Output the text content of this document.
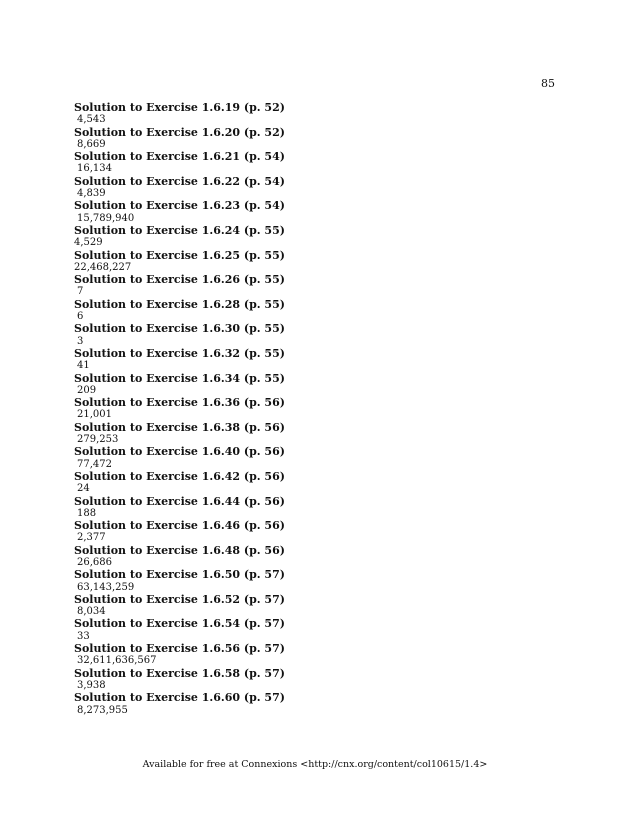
85
Solution to Exercise 1.6.19 (p. 52)
4,543
Solution to Exercise 1.6.20 (p. 52)
8,669
Solution to Exercise 1.6.21 (p. 54)
16,134
Solution to Exercise 1.6.22 (p. 54)
4,839
Solution to Exercise 1.6.23 (p. 54)
15,789,940
Solution to Exercise 1.6.24 (p. 55)
4,529
Solution to Exercise 1.6.25 (p. 55)
22,468,227
Solution to Exercise 1.6.26 (p. 55)
7
Solution to Exercise 1.6.28 (p. 55)
6
Solution to Exercise 1.6.30 (p. 55)
3
Solution to Exercise 1.6.32 (p. 55)
41
Solution to Exercise 1.6.34 (p. 55)
209
Solution to Exercise 1.6.36 (p. 56)
21,001
Solution to Exercise 1.6.38 (p. 56)
279,253
Solution to Exercise 1.6.40 (p. 56)
77,472
Solution to Exercise 1.6.42 (p. 56)
24
Solution to Exercise 1.6.44 (p. 56)
188
Solution to Exercise 1.6.46 (p. 56)
2,377
Solution to Exercise 1.6.48 (p. 56)
26,686
Solution to Exercise 1.6.50 (p. 57)
63,143,259
Solution to Exercise 1.6.52 (p. 57)
8,034
Solution to Exercise 1.6.54 (p. 57)
33
Solution to Exercise 1.6.56 (p. 57)
32,611,636,567
Solution to Exercise 1.6.58 (p. 57)
3,938
Solution to Exercise 1.6.60 (p. 57)
8,273,955
Available for free at Connexions <http://cnx.org/content/col10615/1.4>
